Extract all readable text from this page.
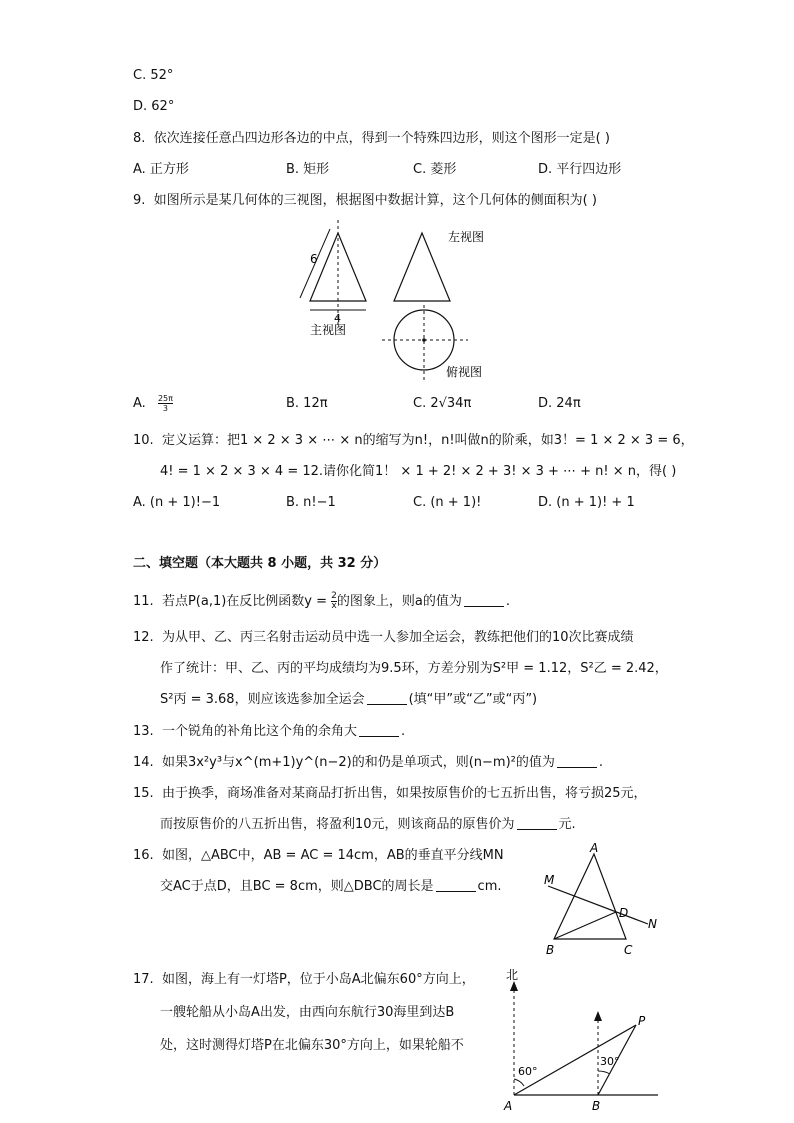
C. 52°
D. 62°
8. 依次连接任意凸四边形各边的中点，得到一个特殊四边形，则这个图形一定是( )
A. 正方形	B. 矩形	C. 菱形	D. 平行四边形
9. 如图所示是某几何体的三视图，根据图中数据计算，这个几何体的侧面积为( )
6
4
主视图
左视图
俯视图
A. $\frac{25\pi}{3}$	B. 12π	C. 2√34π	D. 24π
10. 定义运算：把1 × 2 × 3 × ⋯ × n的缩写为n!，n!叫做n的阶乘，如3！= 1 × 2 × 3 = 6，
4! = 1 × 2 × 3 × 4 = 12.请你化简1！ × 1 + 2! × 2 + 3! × 3 + ⋯ + n! × n，得( )
A. (n + 1)!−1	B. n!−1	C. (n + 1)!	D. (n + 1)! + 1
二、填空题（本大题共 8 小题，共 32 分）
11. 若点P(a,1)在反比例函数$y = \frac{2}{x}$ 的图象上，则a的值为	.
12. 为从甲、乙、丙三名射击运动员中选一人参加全运会，教练把他们的10次比赛成绩
作了统计：甲、乙、丙的平均成绩均为9.5环，方差分别为S²甲 = 1.12，S²乙 = 2.42，
S²丙 = 3.68，则应该选参加全运会	(填“甲”或“乙”或“丙”)
13. 一个锐角的补角比这个角的余角大	.
14. 如果3x²y³与x^(m+1)y^(n−2)的和仍是单项式，则(n−m)²的值为	.
15. 由于换季，商场准备对某商品打折出售，如果按原售价的七五折出售，将亏损25元，
而按原售价的八五折出售，将盈利10元，则该商品的原售价为	元.
16. 如图，△ABC中，AB = AC = 14cm，AB的垂直平分线MN
交AC于点D，且BC = 8cm，则△DBC的周长是	cm.
A
B	C
D
M
N
17. 如图，海上有一灯塔P，位于小岛A北偏东60°方向上，
一艘轮船从小岛A出发，由西向东航行30海里到达B
处，这时测得灯塔P在北偏东30°方向上，如果轮船不
北
60°
30°
A	B
P
